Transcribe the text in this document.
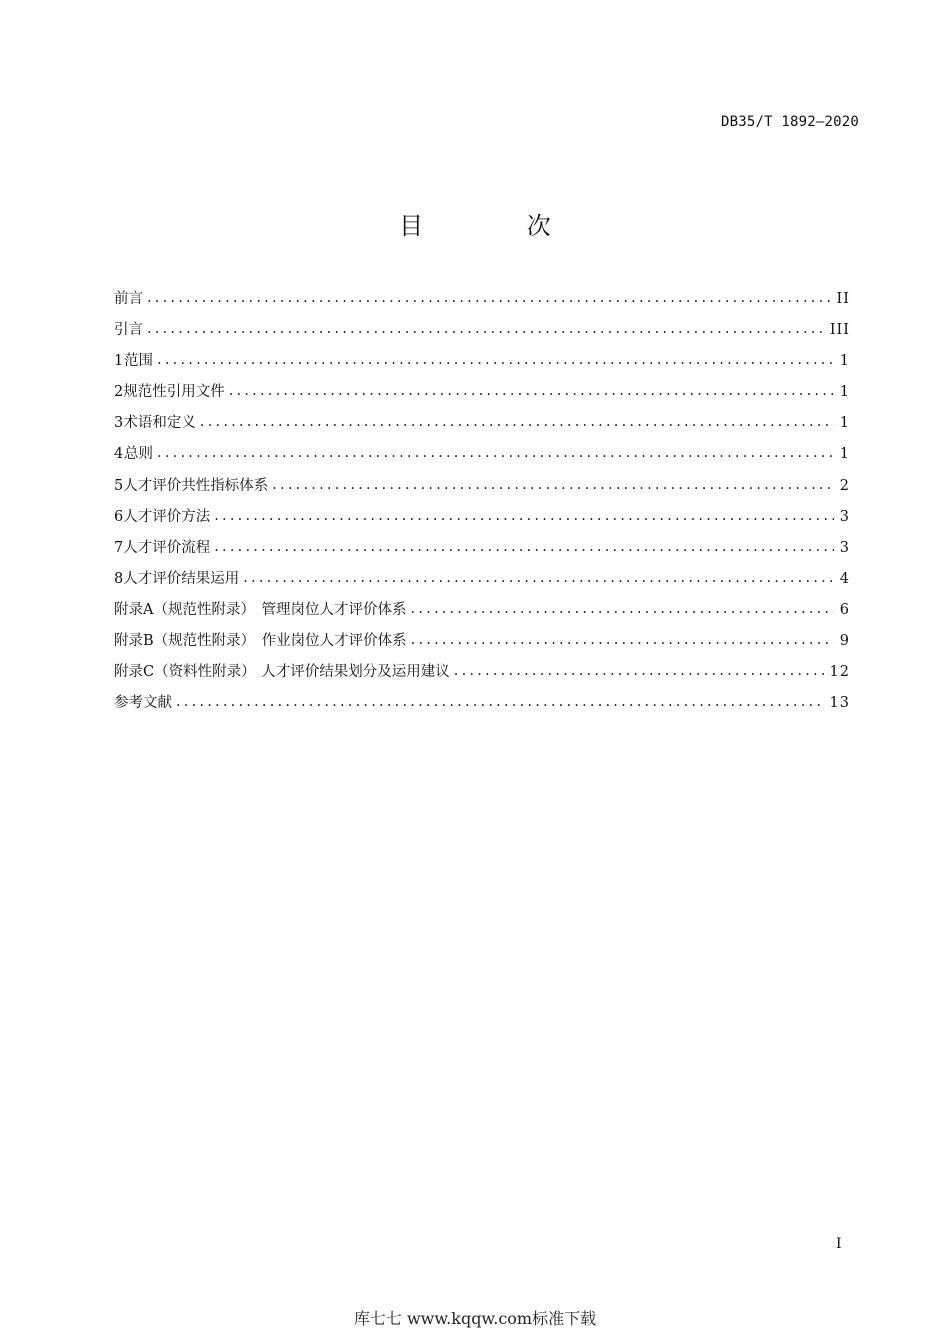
DB35/T 1892—2020
目 次
前言 .....	II
引言 .....	III
1 范围 .....	1
2 规范性引用文件 .....	1
3 术语和定义 .....	1
4 总则 .....	1
5 人才评价共性指标体系 .....	2
6 人才评价方法 .....	3
7 人才评价流程 .....	3
8 人才评价结果运用 .....	4
附录A（规范性附录） 管理岗位人才评价体系 .....	6
附录B（规范性附录） 作业岗位人才评价体系 .....	9
附录C（资料性附录） 人才评价结果划分及运用建议 .....	12
参考文献 .....	13
I
库七七 www.kqqw.com标准下载
